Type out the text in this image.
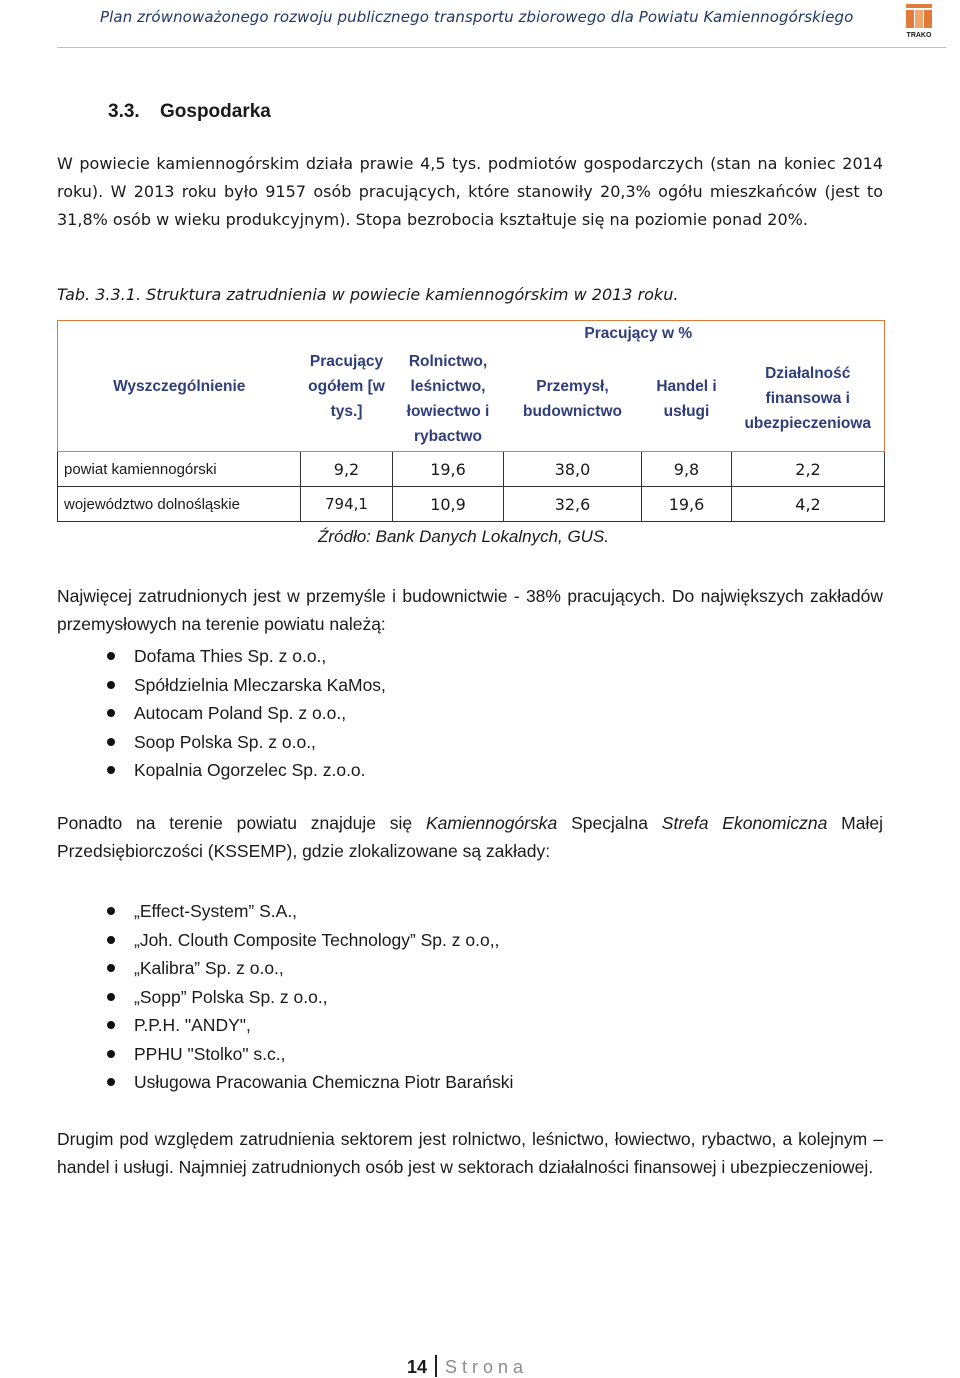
Plan zrównoważonego rozwoju publicznego transportu zbiorowego dla Powiatu Kamiennogórskiego
TRAKO
3.3. Gospodarka
W powiecie kamiennogórskim działa prawie 4,5 tys. podmiotów gospodarczych (stan na koniec 2014 roku). W 2013 roku było 9157 osób pracujących, które stanowiły 20,3% ogółu mieszkańców (jest to 31,8% osób w wieku produkcyjnym). Stopa bezrobocia kształtuje się na poziomie ponad 20%.
Tab. 3.3.1. Struktura zatrudnienia w powiecie kamiennogórskim w 2013 roku.
Wyszczególnienie	Pracujący ogółem [w tys.]	Pracujący w %			
		Rolnictwo, leśnictwo, łowiectwo i rybactwo	Przemysł, budownictwo	Handel i usługi	Działalność finansowa i ubezpieczeniowa
powiat kamiennogórski	9,2	19,6	38,0	9,8	2,2
województwo dolnośląskie	794,1	10,9	32,6	19,6	4,2
Źródło: Bank Danych Lokalnych, GUS.
Najwięcej zatrudnionych jest w przemyśle i budownictwie - 38% pracujących. Do największych zakładów przemysłowych na terenie powiatu należą:
Dofama Thies Sp. z o.o.,
Spółdzielnia Mleczarska KaMos,
Autocam Poland Sp. z o.o.,
Soop Polska Sp. z o.o.,
Kopalnia Ogorzelec Sp. z.o.o.
Ponadto na terenie powiatu znajduje się Kamiennogórska Specjalna Strefa Ekonomiczna Małej Przedsiębiorczości (KSSEMP), gdzie zlokalizowane są zakłady:
„Effect-System” S.A.,
„Joh. Clouth Composite Technology” Sp. z o.o,,
„Kalibra” Sp. z o.o.,
„Sopp” Polska Sp. z o.o.,
P.P.H. "ANDY",
PPHU "Stolko" s.c.,
Usługowa Pracowania Chemiczna Piotr Barański
Drugim pod względem zatrudnienia sektorem jest rolnictwo, leśnictwo, łowiectwo, rybactwo, a kolejnym – handel i usługi. Najmniej zatrudnionych osób jest w sektorach działalności finansowej i ubezpieczeniowej.
14 Strona
